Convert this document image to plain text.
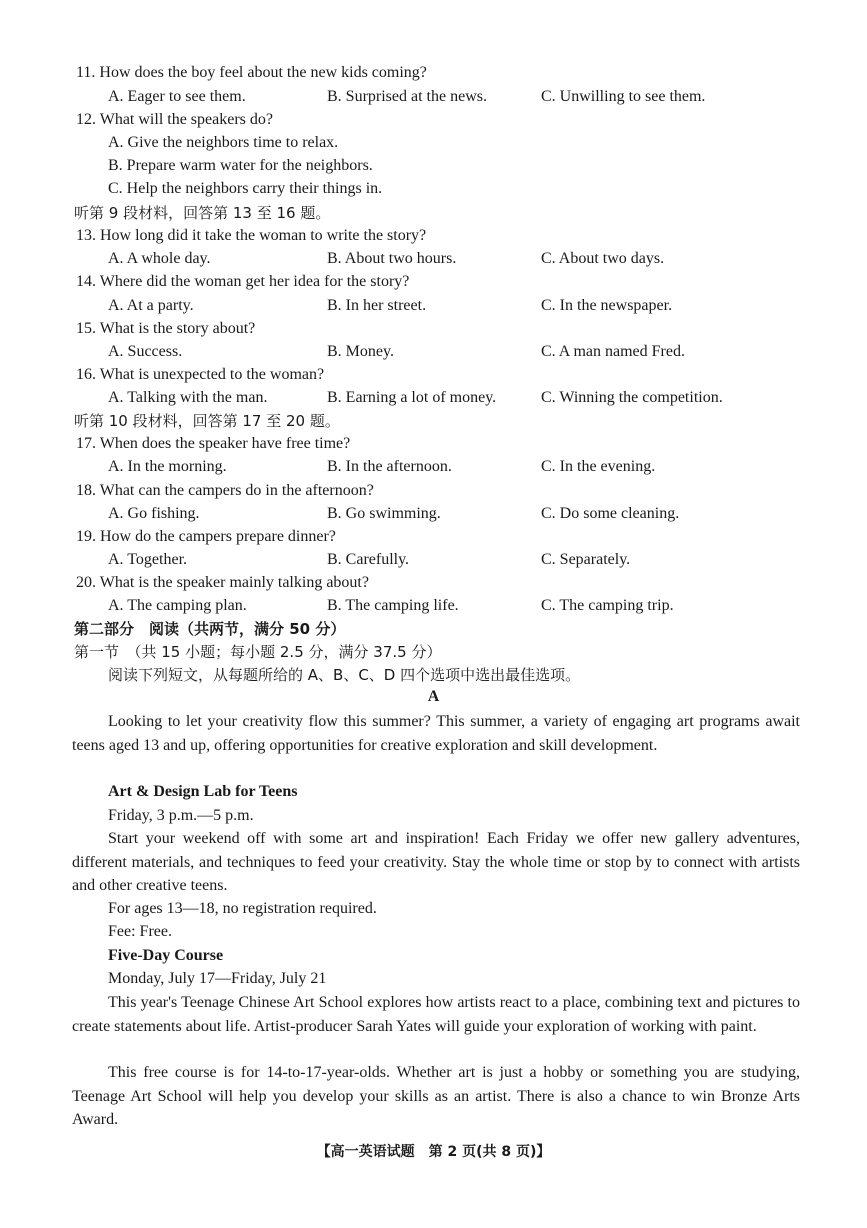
11. How does the boy feel about the new kids coming?
A. Eager to see them.	B. Surprised at the news.	C. Unwilling to see them.
12. What will the speakers do?
A. Give the neighbors time to relax.
B. Prepare warm water for the neighbors.
C. Help the neighbors carry their things in.
听第 9 段材料，回答第 13 至 16 题。
13. How long did it take the woman to write the story?
A. A whole day.	B. About two hours.	C. About two days.
14. Where did the woman get her idea for the story?
A. At a party.	B. In her street.	C. In the newspaper.
15. What is the story about?
A. Success.	B. Money.	C. A man named Fred.
16. What is unexpected to the woman?
A. Talking with the man.	B. Earning a lot of money.	C. Winning the competition.
听第 10 段材料，回答第 17 至 20 题。
17. When does the speaker have free time?
A. In the morning.	B. In the afternoon.	C. In the evening.
18. What can the campers do in the afternoon?
A. Go fishing.	B. Go swimming.	C. Do some cleaning.
19. How do the campers prepare dinner?
A. Together.	B. Carefully.	C. Separately.
20. What is the speaker mainly talking about?
A. The camping plan.	B. The camping life.	C. The camping trip.
第二部分　阅读（共两节，满分 50 分）
第一节　（共 15 小题；每小题 2.5 分，满分 37.5 分）
阅读下列短文，从每题所给的 A、B、C、D 四个选项中选出最佳选项。
A
Looking to let your creativity flow this summer? This summer, a variety of engaging art programs await teens aged 13 and up, offering opportunities for creative exploration and skill development.
Art & Design Lab for Teens
Friday, 3 p.m.—5 p.m.
Start your weekend off with some art and inspiration! Each Friday we offer new gallery adventures, different materials, and techniques to feed your creativity. Stay the whole time or stop by to connect with artists and other creative teens.
For ages 13—18, no registration required.
Fee: Free.
Five-Day Course
Monday, July 17—Friday, July 21
This year's Teenage Chinese Art School explores how artists react to a place, combining text and pictures to create statements about life. Artist-producer Sarah Yates will guide your exploration of working with paint.
This free course is for 14-to-17-year-olds. Whether art is just a hobby or something you are studying, Teenage Art School will help you develop your skills as an artist. There is also a chance to win Bronze Arts Award.
【高一英语试题　第 2 页(共 8 页)】
